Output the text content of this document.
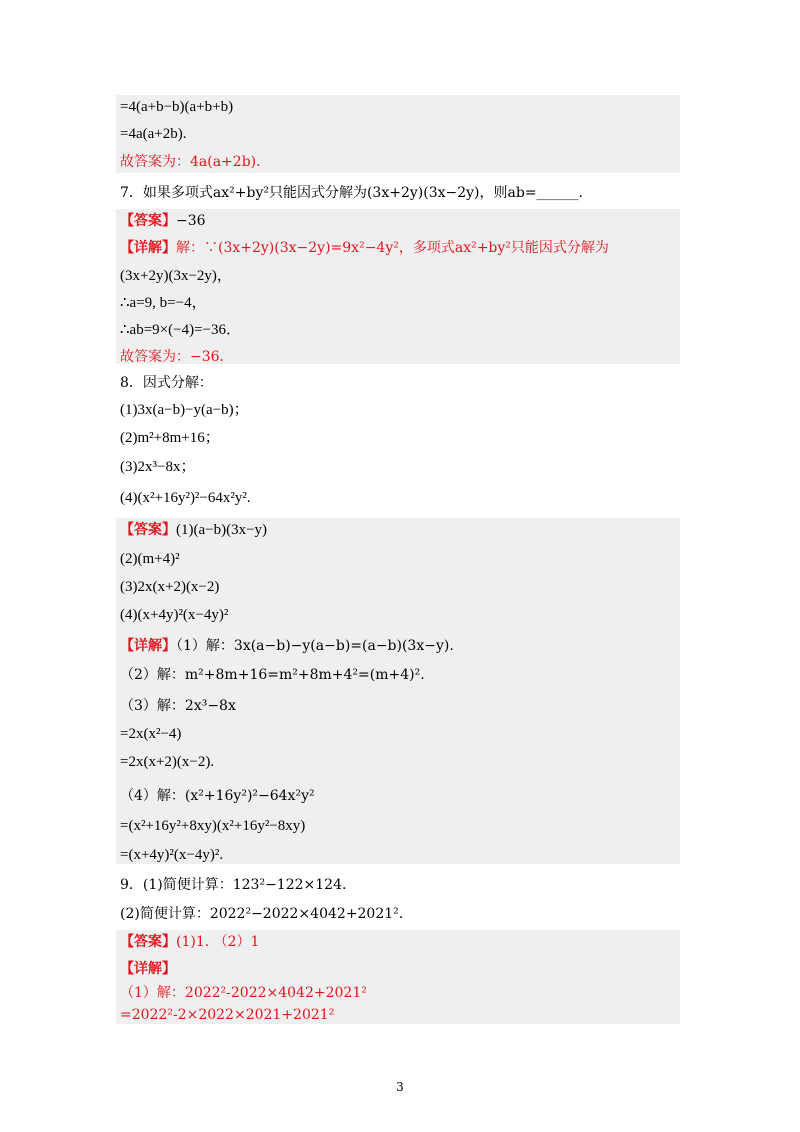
=4(a+b−b)(a+b+b)
=4a(a+2b).
故答案为：4a(a+2b).
7．如果多项式ax²+by²只能因式分解为(3x+2y)(3x−2y)，则ab=______．
【答案】−36
【详解】解：∵(3x+2y)(3x−2y)=9x²−4y²，多项式ax²+by²只能因式分解为
(3x+2y)(3x−2y)，
∴a=9, b=−4，
∴ab=9×(−4)=−36．
故答案为：−36．
8．因式分解：
(1)3x(a−b)−y(a−b)；
(2)m²+8m+16；
(3)2x³−8x；
(4)(x²+16y²)²−64x²y².
【答案】(1)(a−b)(3x−y)
(2)(m+4)²
(3)2x(x+2)(x−2)
(4)(x+4y)²(x−4y)²
【详解】（1）解：3x(a−b)−y(a−b)=(a−b)(3x−y).
（2）解：m²+8m+16=m²+8m+4²=(m+4)².
（3）解：2x³−8x
=2x(x²−4)
=2x(x+2)(x−2).
（4）解：(x²+16y²)²−64x²y²
=(x²+16y²+8xy)(x²+16y²−8xy)
=(x+4y)²(x−4y)².
9．(1)简便计算：123²−122×124.
(2)简便计算：2022²−2022×4042+2021².
【答案】(1)1. （2）1
【详解】
（1）解：2022²-2022×4042+2021²
=2022²-2×2022×2021+2021²
3
